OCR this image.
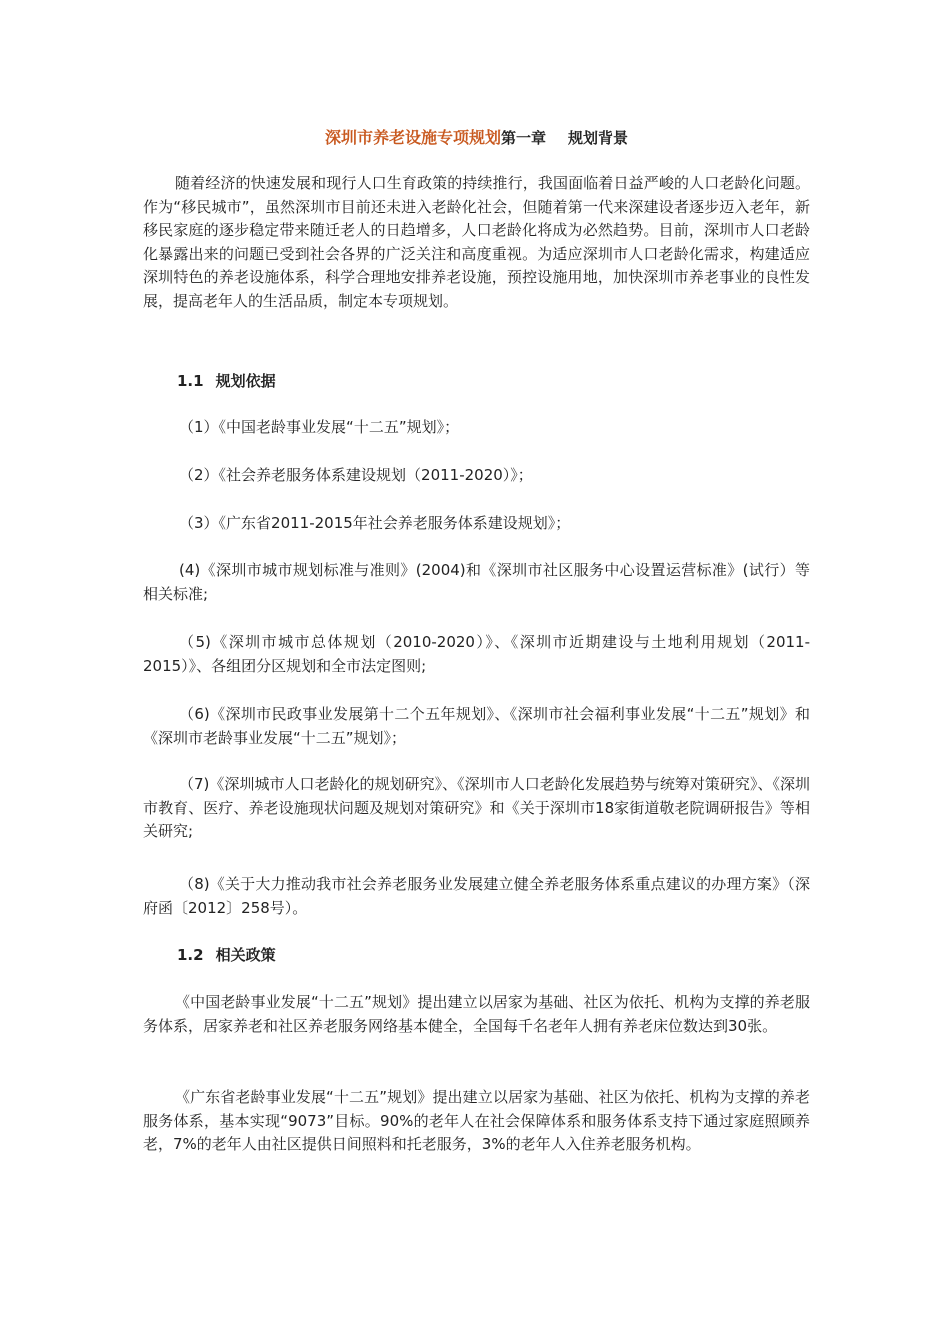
深圳市养老设施专项规划第一章 规划背景

随着经济的快速发展和现行人口生育政策的持续推行，我国面临着日益严峻的人口老龄化问题。作为“移民城市”，虽然深圳市目前还未进入老龄化社会，但随着第一代来深建设者逐步迈入老年，新移民家庭的逐步稳定带来随迁老人的日趋增多，人口老龄化将成为必然趋势。目前，深圳市人口老龄化暴露出来的问题已受到社会各界的广泛关注和高度重视。为适应深圳市人口老龄化需求，构建适应深圳特色的养老设施体系，科学合理地安排养老设施，预控设施用地，加快深圳市养老事业的良性发展，提高老年人的生活品质，制定本专项规划。

1.1 规划依据

（1）《中国老龄事业发展“十二五”规划》；

（2）《社会养老服务体系建设规划（2011-2020）》；

（3）《广东省2011-2015年社会养老服务体系建设规划》；

(4)《深圳市城市规划标准与准则》(2004)和《深圳市社区服务中心设置运营标准》(试行）等相关标准;

（5)《深圳市城市总体规划（2010-2020）》、《深圳市近期建设与土地利用规划（2011-2015）》、各组团分区规划和全市法定图则;

（6)《深圳市民政事业发展第十二个五年规划》、《深圳市社会福利事业发展“十二五”规划》和《深圳市老龄事业发展“十二五”规划》；

（7)《深圳城市人口老龄化的规划研究》、《深圳市人口老龄化发展趋势与统筹对策研究》、《深圳市教育、医疗、养老设施现状问题及规划对策研究》和《关于深圳市18家街道敬老院调研报告》等相关研究;

（8)《关于大力推动我市社会养老服务业发展建立健全养老服务体系重点建议的办理方案》（深府函〔2012〕258号）。

1.2 相关政策

《中国老龄事业发展“十二五”规划》提出建立以居家为基础、社区为依托、机构为支撑的养老服务体系，居家养老和社区养老服务网络基本健全，全国每千名老年人拥有养老床位数达到30张。

《广东省老龄事业发展“十二五”规划》提出建立以居家为基础、社区为依托、机构为支撑的养老服务体系，基本实现“9073”目标。90%的老年人在社会保障体系和服务体系支持下通过家庭照顾养老，7%的老年人由社区提供日间照料和托老服务，3%的老年人入住养老服务机构。
